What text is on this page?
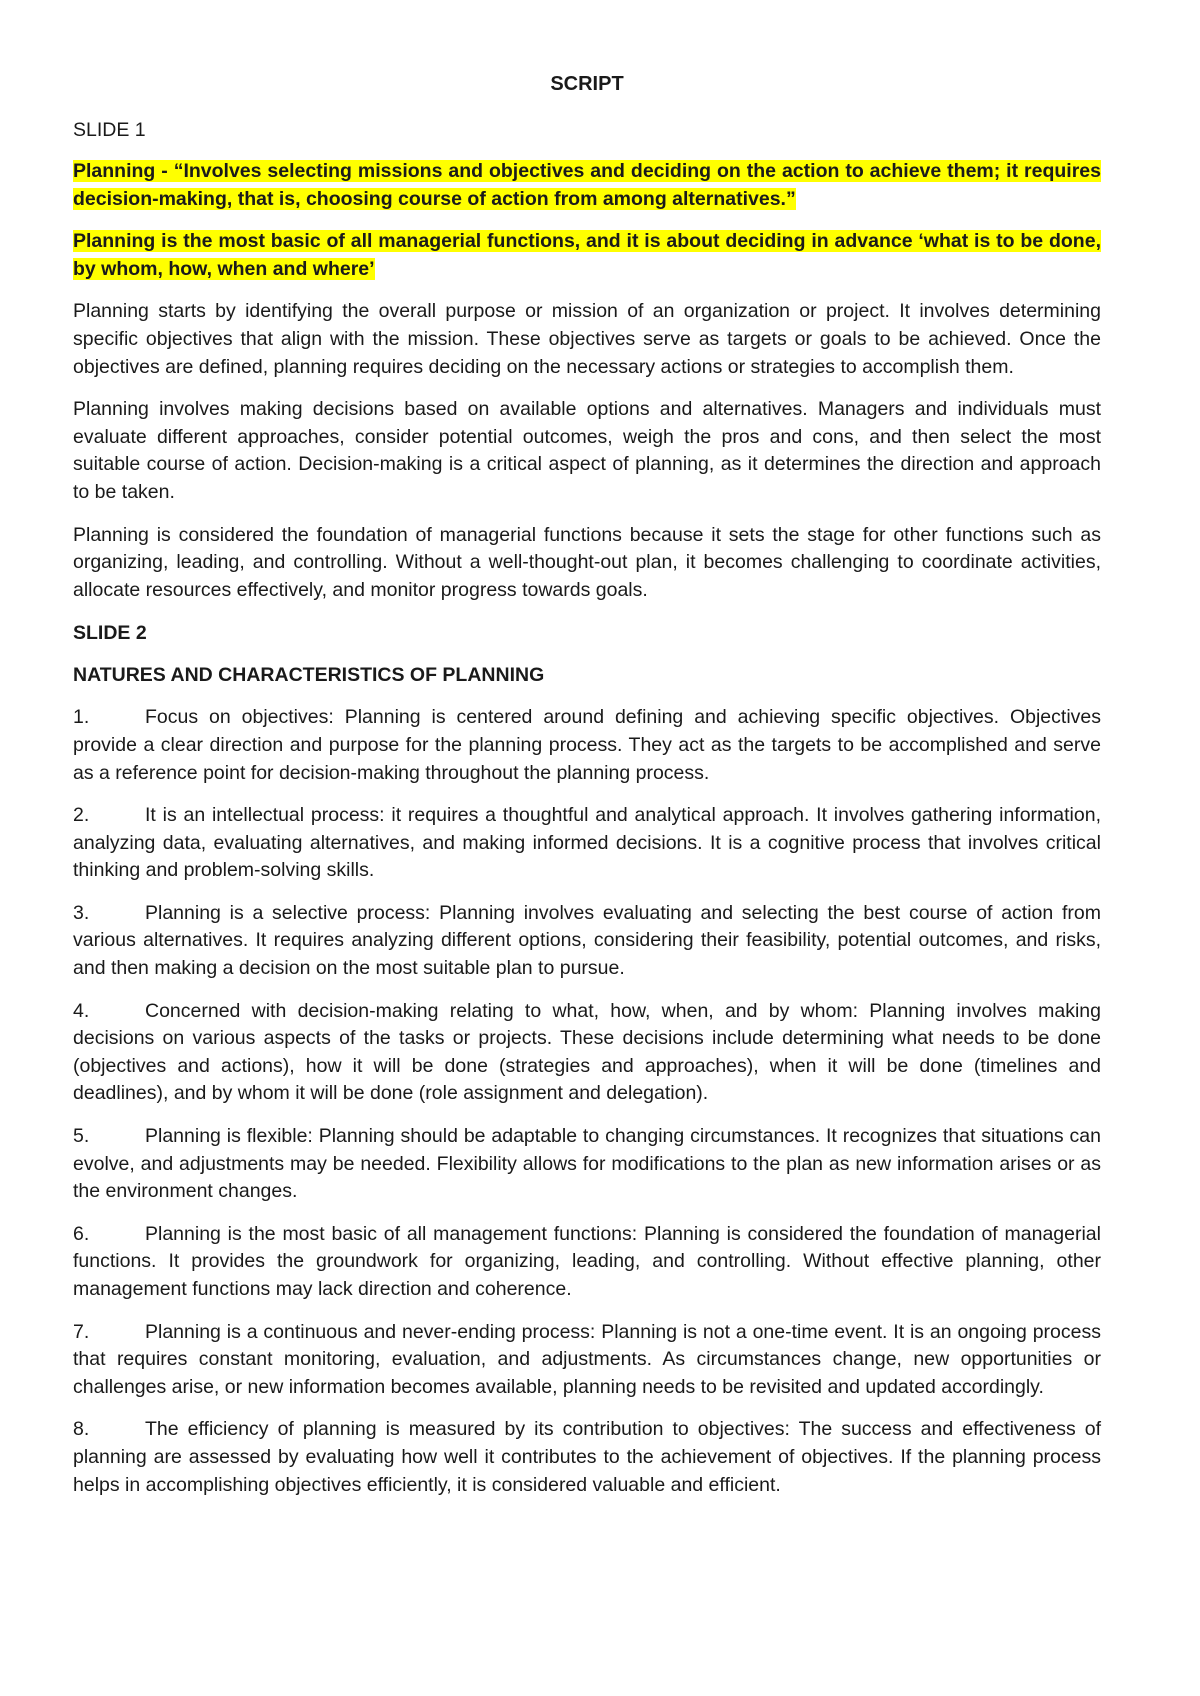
SCRIPT
SLIDE 1

Planning - “Involves selecting missions and objectives and deciding on the action to achieve them; it requires decision-making, that is, choosing course of action from among alternatives.”

Planning is the most basic of all managerial functions, and it is about deciding in advance ‘what is to be done, by whom, how, when and where’

Planning starts by identifying the overall purpose or mission of an organization or project. It involves determining specific objectives that align with the mission. These objectives serve as targets or goals to be achieved. Once the objectives are defined, planning requires deciding on the necessary actions or strategies to accomplish them.

Planning involves making decisions based on available options and alternatives. Managers and individuals must evaluate different approaches, consider potential outcomes, weigh the pros and cons, and then select the most suitable course of action. Decision-making is a critical aspect of planning, as it determines the direction and approach to be taken.

Planning is considered the foundation of managerial functions because it sets the stage for other functions such as organizing, leading, and controlling. Without a well-thought-out plan, it becomes challenging to coordinate activities, allocate resources effectively, and monitor progress towards goals.

SLIDE 2
NATURES AND CHARACTERISTICS OF PLANNING

1.	Focus on objectives: Planning is centered around defining and achieving specific objectives. Objectives provide a clear direction and purpose for the planning process. They act as the targets to be accomplished and serve as a reference point for decision-making throughout the planning process.

2.	It is an intellectual process: it requires a thoughtful and analytical approach. It involves gathering information, analyzing data, evaluating alternatives, and making informed decisions. It is a cognitive process that involves critical thinking and problem-solving skills.

3.	Planning is a selective process: Planning involves evaluating and selecting the best course of action from various alternatives. It requires analyzing different options, considering their feasibility, potential outcomes, and risks, and then making a decision on the most suitable plan to pursue.

4.	Concerned with decision-making relating to what, how, when, and by whom: Planning involves making decisions on various aspects of the tasks or projects. These decisions include determining what needs to be done (objectives and actions), how it will be done (strategies and approaches), when it will be done (timelines and deadlines), and by whom it will be done (role assignment and delegation).

5.	Planning is flexible: Planning should be adaptable to changing circumstances. It recognizes that situations can evolve, and adjustments may be needed. Flexibility allows for modifications to the plan as new information arises or as the environment changes.

6.	Planning is the most basic of all management functions: Planning is considered the foundation of managerial functions. It provides the groundwork for organizing, leading, and controlling. Without effective planning, other management functions may lack direction and coherence.

7.	Planning is a continuous and never-ending process: Planning is not a one-time event. It is an ongoing process that requires constant monitoring, evaluation, and adjustments. As circumstances change, new opportunities or challenges arise, or new information becomes available, planning needs to be revisited and updated accordingly.

8.	The efficiency of planning is measured by its contribution to objectives: The success and effectiveness of planning are assessed by evaluating how well it contributes to the achievement of objectives. If the planning process helps in accomplishing objectives efficiently, it is considered valuable and efficient.
